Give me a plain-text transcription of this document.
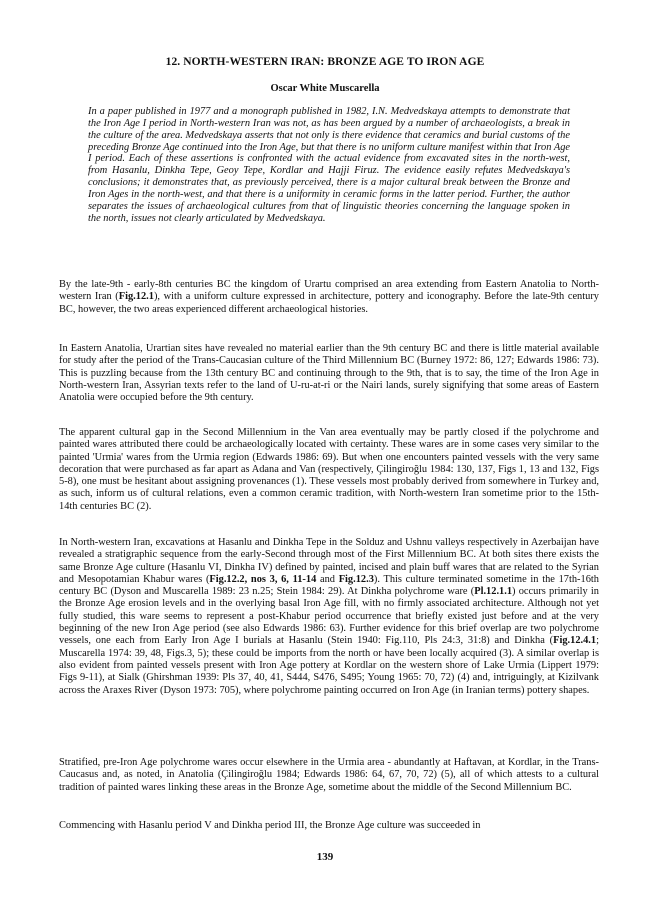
12. NORTH-WESTERN IRAN: BRONZE AGE TO IRON AGE
Oscar White Muscarella

In a paper published in 1977 and a monograph published in 1982, I.N. Medvedskaya attempts to demonstrate that the Iron Age I period in North-western Iran was not, as has been argued by a number of archaeologists, a break in the culture of the area. Medvedskaya asserts that not only is there evidence that ceramics and burial customs of the preceding Bronze Age continued into the Iron Age, but that there is no uniform culture manifest within that Iron Age I period. Each of these assertions is confronted with the actual evidence from excavated sites in the north-west, from Hasanlu, Dinkha Tepe, Geoy Tepe, Kordlar and Hajji Firuz. The evidence easily refutes Medvedskaya's conclusions; it demonstrates that, as previously perceived, there is a major cultural break between the Bronze and Iron Ages in the north-west, and that there is a uniformity in ceramic forms in the latter period. Further, the author separates the issues of archaeological cultures from that of linguistic theories concerning the language spoken in the north, issues not clearly articulated by Medvedskaya.

By the late-9th - early-8th centuries BC the kingdom of Urartu comprised an area extending from Eastern Anatolia to North-western Iran (Fig.12.1), with a uniform culture expressed in architecture, pottery and iconography. Before the late-9th century BC, however, the two areas experienced different archaeological histories.

In Eastern Anatolia, Urartian sites have revealed no material earlier than the 9th century BC and there is little material available for study after the period of the Trans-Caucasian culture of the Third Millennium BC (Burney 1972: 86, 127; Edwards 1986: 73). This is puzzling because from the 13th century BC and continuing through to the 9th, that is to say, the time of the Iron Age in North-western Iran, Assyrian texts refer to the land of U-ru-at-ri or the Nairi lands, surely signifying that some areas of Eastern Anatolia were occupied before the 9th century.

The apparent cultural gap in the Second Millennium in the Van area eventually may be partly closed if the polychrome and painted wares attributed there could be archaeologically located with certainty. These wares are in some cases very similar to the painted 'Urmia' wares from the Urmia region (Edwards 1986: 69). But when one encounters painted vessels with the very same decoration that were purchased as far apart as Adana and Van (respectively, Çilingiroğlu 1984: 130, 137, Figs 1, 13 and 132, Figs 5-8), one must be hesitant about assigning provenances (1). These vessels most probably derived from somewhere in Turkey and, as such, inform us of cultural relations, even a common ceramic tradition, with North-western Iran sometime prior to the 15th-14th centuries BC (2).

In North-western Iran, excavations at Hasanlu and Dinkha Tepe in the Solduz and Ushnu valleys respectively in Azerbaijan have revealed a stratigraphic sequence from the early-Second through most of the First Millennium BC. At both sites there exists the same Bronze Age culture (Hasanlu VI, Dinkha IV) defined by painted, incised and plain buff wares that are related to the Syrian and Mesopotamian Khabur wares (Fig.12.2, nos 3, 6, 11-14 and Fig.12.3). This culture terminated sometime in the 17th-16th century BC (Dyson and Muscarella 1989: 23 n.25; Stein 1984: 29). At Dinkha polychrome ware (Pl.12.1.1) occurs primarily in the Bronze Age erosion levels and in the overlying basal Iron Age fill, with no firmly associated architecture. Although not yet fully studied, this ware seems to represent a post-Khabur period occurrence that briefly existed just before and at the very beginning of the new Iron Age period (see also Edwards 1986: 63). Further evidence for this brief overlap are two polychrome vessels, one each from Early Iron Age I burials at Hasanlu (Stein 1940: Fig.110, Pls 24:3, 31:8) and Dinkha (Fig.12.4.1; Muscarella 1974: 39, 48, Figs.3, 5); these could be imports from the north or have been locally acquired (3). A similar overlap is also evident from painted vessels present with Iron Age pottery at Kordlar on the western shore of Lake Urmia (Lippert 1979: Figs 9-11), at Sialk (Ghirshman 1939: Pls 37, 40, 41, S444, S476, S495; Young 1965: 70, 72) (4) and, intriguingly, at Kizilvank across the Araxes River (Dyson 1973: 705), where polychrome painting occurred on Iron Age (in Iranian terms) pottery shapes.

Stratified, pre-Iron Age polychrome wares occur elsewhere in the Urmia area - abundantly at Haftavan, at Kordlar, in the Trans-Caucasus and, as noted, in Anatolia (Çilingiroğlu 1984; Edwards 1986: 64, 67, 70, 72) (5), all of which attests to a cultural tradition of painted wares linking these areas in the Bronze Age, sometime about the middle of the Second Millennium BC.

Commencing with Hasanlu period V and Dinkha period III, the Bronze Age culture was succeeded in

139
